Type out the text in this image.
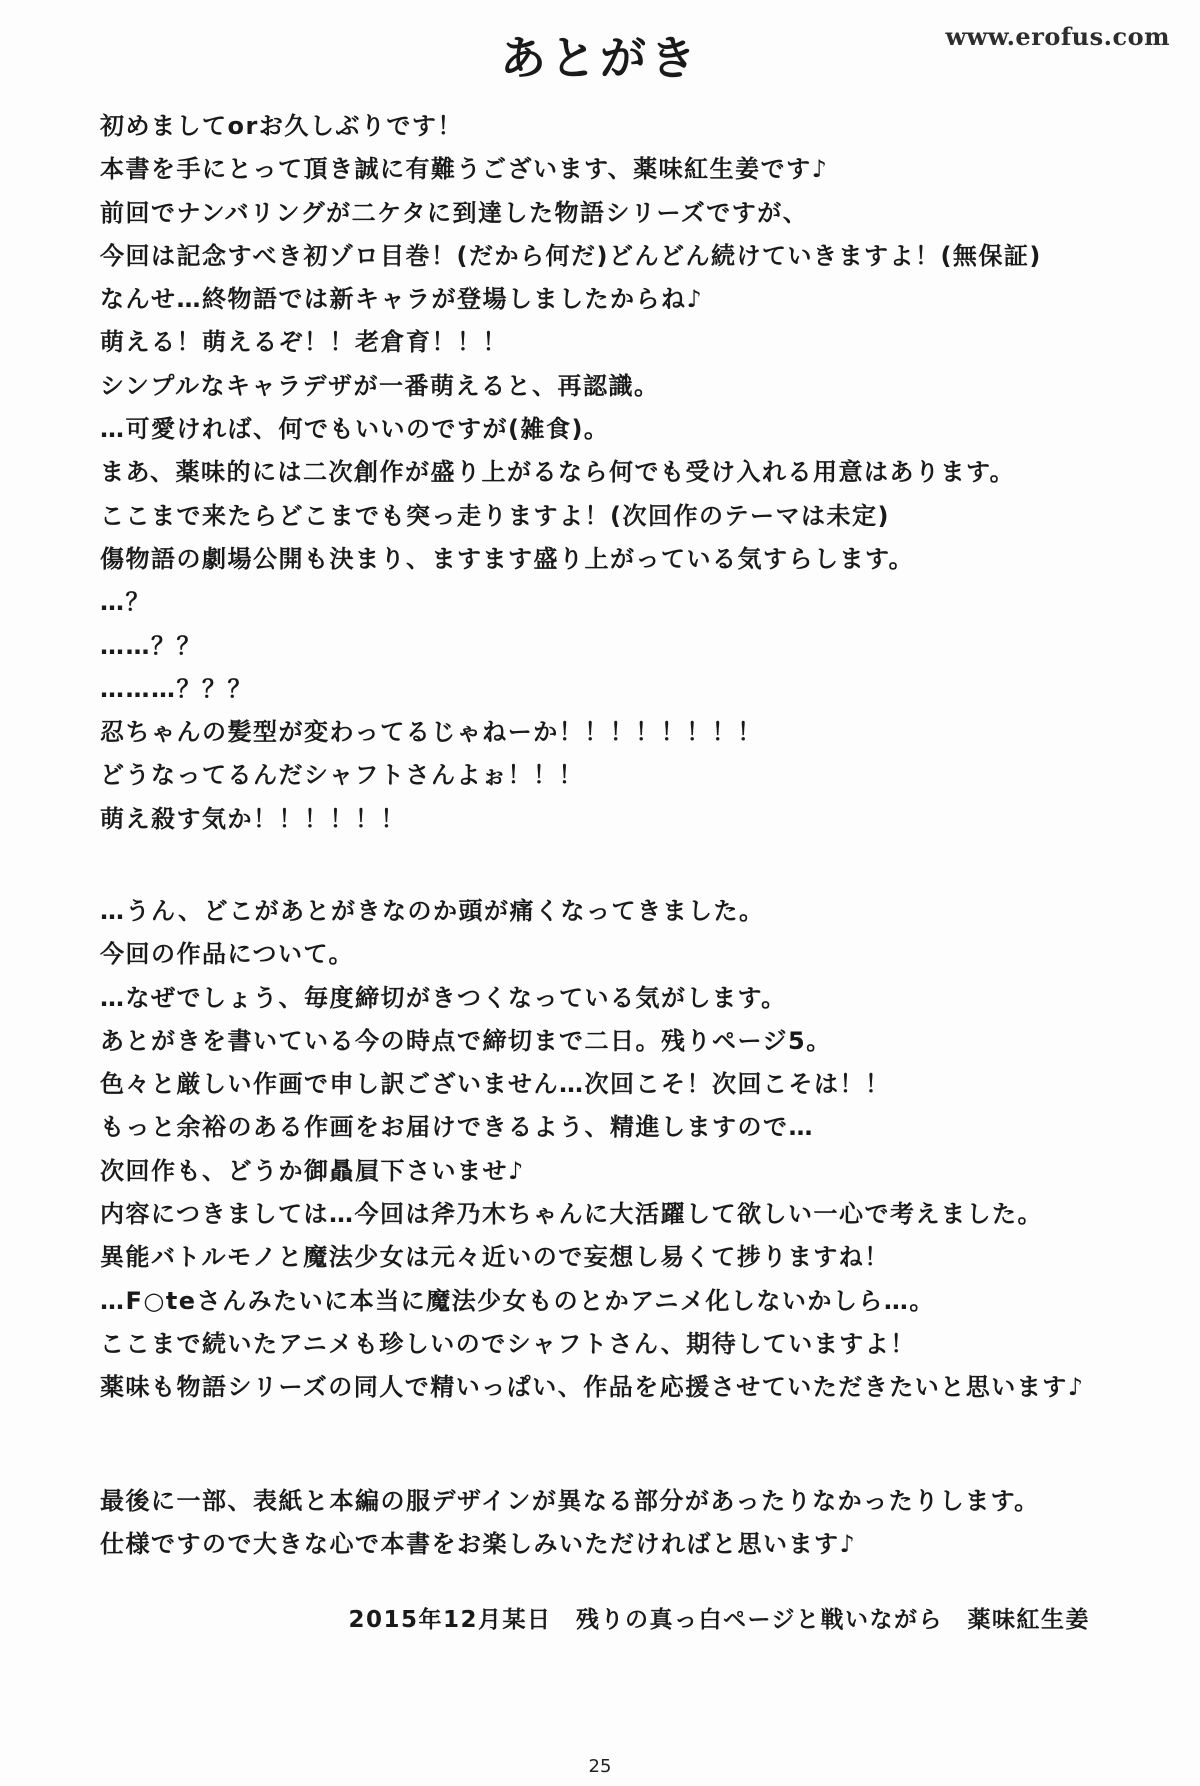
www.erofus.com
あとがき
初めましてorお久しぶりです！
本書を手にとって頂き誠に有難うございます、薬味紅生姜です♪
前回でナンバリングが二ケタに到達した物語シリーズですが、
今回は記念すべき初ゾロ目巻！(だから何だ)どんどん続けていきますよ！(無保証)
なんせ…終物語では新キャラが登場しましたからね♪
萌える！萌えるぞ！！老倉育！！！
シンプルなキャラデザが一番萌えると、再認識。
…可愛ければ、何でもいいのですが(雑食)。
まあ、薬味的には二次創作が盛り上がるなら何でも受け入れる用意はあります。
ここまで来たらどこまでも突っ走りますよ！(次回作のテーマは未定)
傷物語の劇場公開も決まり、ますます盛り上がっている気すらします。
…？
……？？
………？？？
忍ちゃんの髪型が変わってるじゃねーか！！！！！！！！
どうなってるんだシャフトさんよぉ！！！
萌え殺す気か！！！！！！
…うん、どこがあとがきなのか頭が痛くなってきました。
今回の作品について。
…なぜでしょう、毎度締切がきつくなっている気がします。
あとがきを書いている今の時点で締切まで二日。残りページ5。
色々と厳しい作画で申し訳ございません…次回こそ！次回こそは！！
もっと余裕のある作画をお届けできるよう、精進しますので…
次回作も、どうか御贔屓下さいませ♪
内容につきましては…今回は斧乃木ちゃんに大活躍して欲しい一心で考えました。
異能バトルモノと魔法少女は元々近いので妄想し易くて捗りますね！
…F○teさんみたいに本当に魔法少女ものとかアニメ化しないかしら…。
ここまで続いたアニメも珍しいのでシャフトさん、期待していますよ！
薬味も物語シリーズの同人で精いっぱい、作品を応援させていただきたいと思います♪
最後に一部、表紙と本編の服デザインが異なる部分があったりなかったりします。
仕様ですので大きな心で本書をお楽しみいただければと思います♪
2015年12月某日　残りの真っ白ページと戦いながら　薬味紅生姜
25
